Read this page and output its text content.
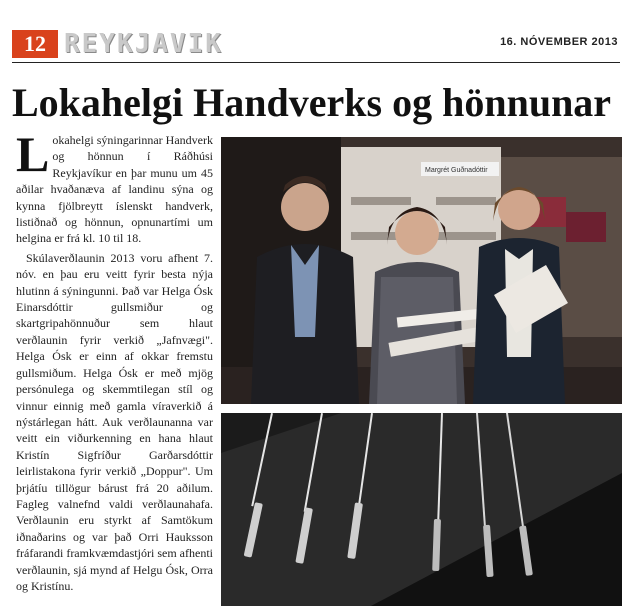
12 REYKJAVIK	16. NÓVEMBER 2013
Lokahelgi Handverks og hönnunar

Lokahelgi sýningarinnar Handverk og hönnun í Ráðhúsi Reykjavíkur en þar munu um 45 aðilar hvaðanæva af landinu sýna og kynna fjölbreytt íslenskt handverk, listiðnað og hönnun, opnunartími um helgina er frá kl. 10 til 18.

Skúlaverðlaunin 2013 voru afhent 7. nóv. en þau eru veitt fyrir besta nýja hlutinn á sýningunni. Það var Helga Ósk Einarsdóttir gullsmiður og skartgripahönnuður sem hlaut verðlaunin fyrir verkið „Jafnvægi". Helga Ósk er einn af okkar fremstu gullsmiðum. Helga Ósk er með mjög persónulega og skemmtilegan stíl og vinnur einnig með gamla víraverkið á nýstárlegan hátt. Auk verðlaunanna var veitt ein viðurkenning en hana hlaut Kristín Sigfríður Garðarsdóttir leirlistakona fyrir verkið „Doppur". Um þrjátíu tillögur bárust frá 20 aðilum. Fagleg valnefnd valdi verðlaunahafa. Verðlaunin eru styrkt af Samtökum iðnaðarins og var það Orri Hauksson fráfarandi framkvæmdastjóri sem afhenti verðlaunin, sjá mynd af Helgu Ósk, Orra og Kristínu.

Margrét Guðnadóttir
